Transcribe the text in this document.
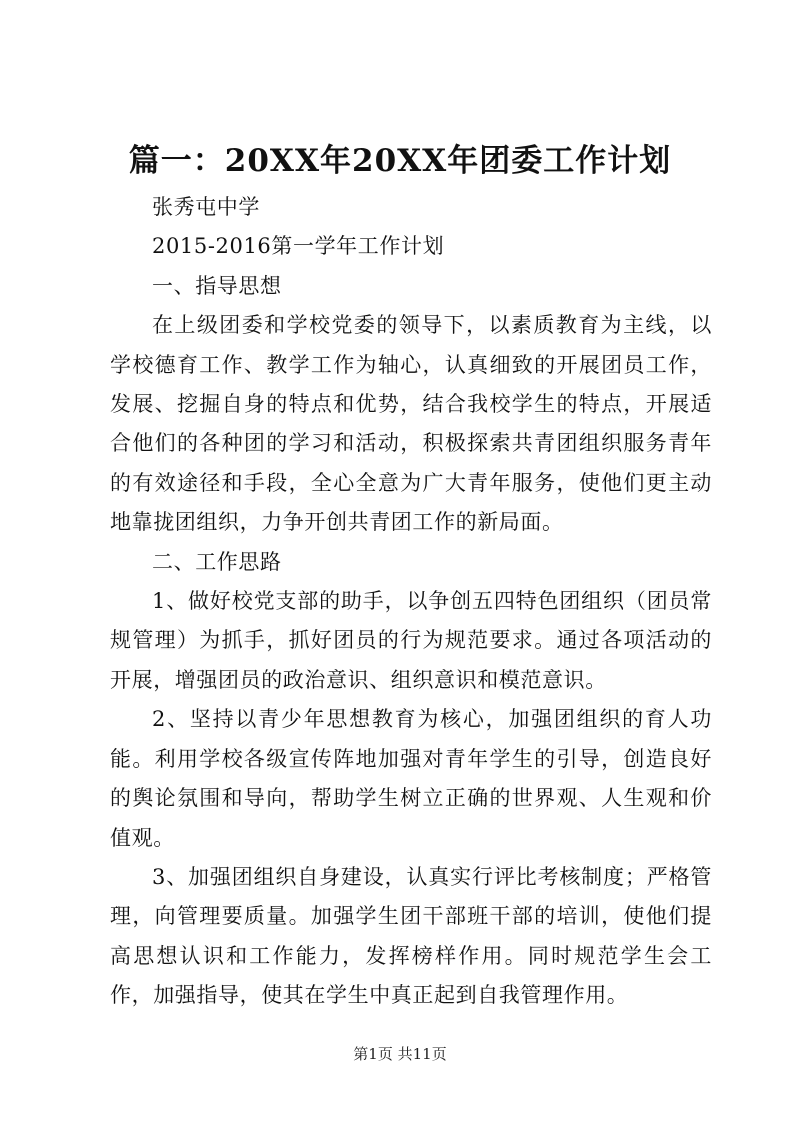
篇一：20XX年20XX年团委工作计划

张秀屯中学

2015-2016第一学年工作计划

一、指导思想

在上级团委和学校党委的领导下，以素质教育为主线，以学校德育工作、教学工作为轴心，认真细致的开展团员工作，发展、挖掘自身的特点和优势，结合我校学生的特点，开展适合他们的各种团的学习和活动，积极探索共青团组织服务青年的有效途径和手段，全心全意为广大青年服务，使他们更主动地靠拢团组织，力争开创共青团工作的新局面。

二、工作思路

1、做好校党支部的助手，以争创五四特色团组织（团员常规管理）为抓手，抓好团员的行为规范要求。通过各项活动的开展，增强团员的政治意识、组织意识和模范意识。

2、坚持以青少年思想教育为核心，加强团组织的育人功能。利用学校各级宣传阵地加强对青年学生的引导，创造良好的舆论氛围和导向，帮助学生树立正确的世界观、人生观和价值观。

3、加强团组织自身建设，认真实行评比考核制度；严格管理，向管理要质量。加强学生团干部班干部的培训，使他们提高思想认识和工作能力，发挥榜样作用。同时规范学生会工作，加强指导，使其在学生中真正起到自我管理作用。

第1页 共11页
